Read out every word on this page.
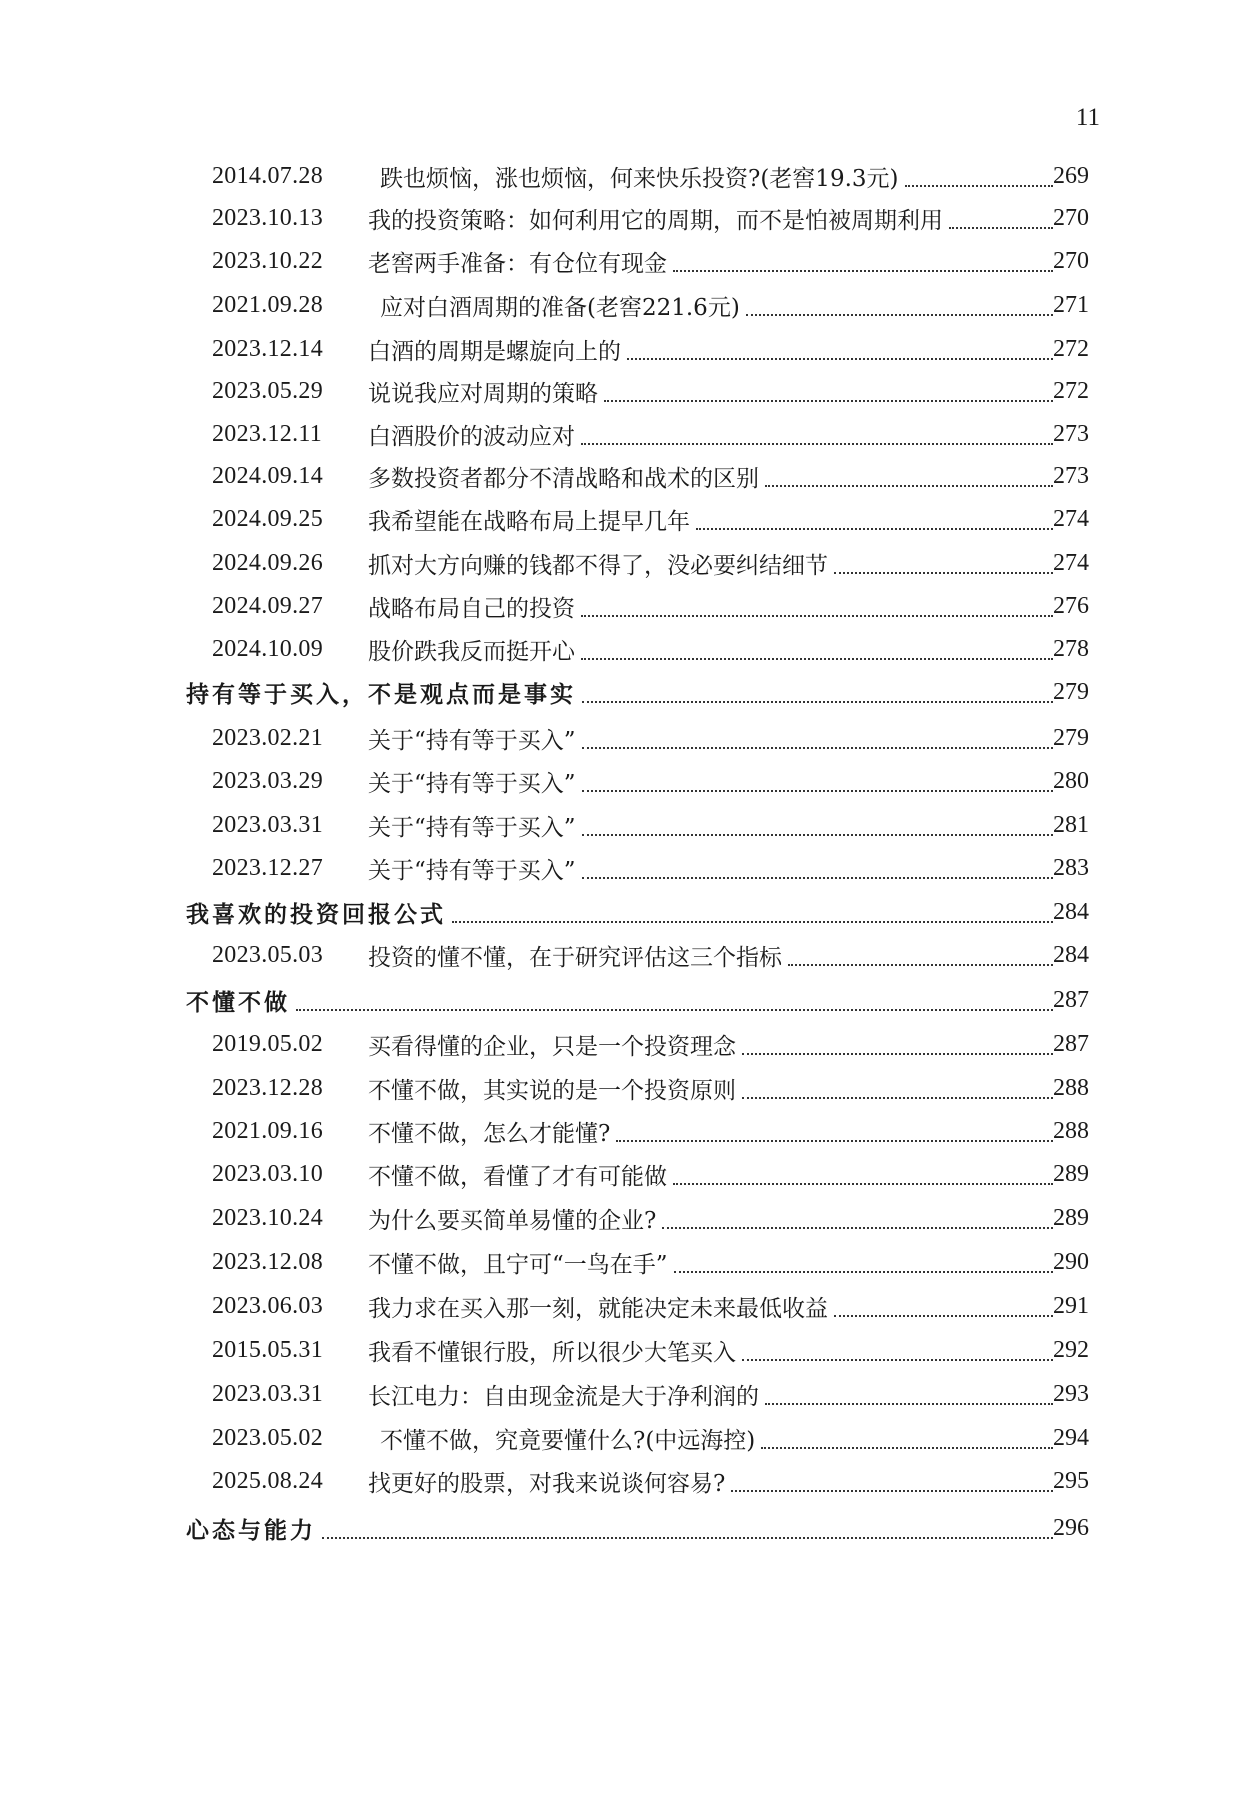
11
2014.07.28	跌也烦恼，涨也烦恼，何来快乐投资?(老窖19.3元)	269
2023.10.13	我的投资策略：如何利用它的周期，而不是怕被周期利用	270
2023.10.22	老窖两手准备：有仓位有现金	270
2021.09.28	应对白酒周期的准备(老窖221.6元)	271
2023.12.14	白酒的周期是螺旋向上的	272
2023.05.29	说说我应对周期的策略	272
2023.12.11	白酒股价的波动应对	273
2024.09.14	多数投资者都分不清战略和战术的区别	273
2024.09.25	我希望能在战略布局上提早几年	274
2024.09.26	抓对大方向赚的钱都不得了，没必要纠结细节	274
2024.09.27	战略布局自己的投资	276
2024.10.09	股价跌我反而挺开心	278
持有等于买入，不是观点而是事实	279
2023.02.21	关于“持有等于买入”	279
2023.03.29	关于“持有等于买入”	280
2023.03.31	关于“持有等于买入”	281
2023.12.27	关于“持有等于买入”	283
我喜欢的投资回报公式	284
2023.05.03	投资的懂不懂，在于研究评估这三个指标	284
不懂不做	287
2019.05.02	买看得懂的企业，只是一个投资理念	287
2023.12.28	不懂不做，其实说的是一个投资原则	288
2021.09.16	不懂不做，怎么才能懂?	288
2023.03.10	不懂不做，看懂了才有可能做	289
2023.10.24	为什么要买简单易懂的企业?	289
2023.12.08	不懂不做，且宁可“一鸟在手”	290
2023.06.03	我力求在买入那一刻，就能决定未来最低收益	291
2015.05.31	我看不懂银行股，所以很少大笔买入	292
2023.03.31	长江电力：自由现金流是大于净利润的	293
2023.05.02	不懂不做，究竟要懂什么?(中远海控)	294
2025.08.24	找更好的股票，对我来说谈何容易?	295
心态与能力	296
